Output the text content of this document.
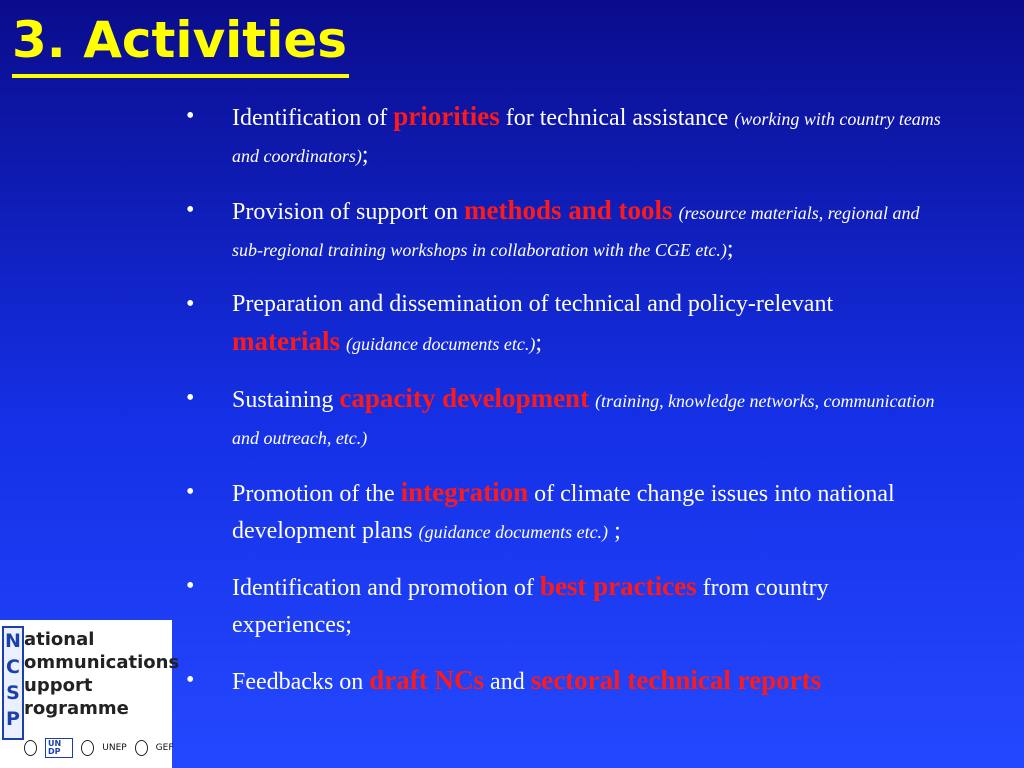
3. Activities
• Identification of priorities for technical assistance (working with country teams and coordinators);
• Provision of support on methods and tools (resource materials, regional and sub-regional training workshops in collaboration with the CGE etc.);
• Preparation and dissemination of technical and policy-relevant materials (guidance documents etc.);
• Sustaining capacity development (training, knowledge networks, communication and outreach, etc.)
• Promotion of the integration of climate change issues into national development plans (guidance documents etc.) ;
• Identification and promotion of best practices from country experiences;
• Feedbacks on draft NCs and sectoral technical reports
N
C
S
P
ational
ommunications
upport
rogramme
UN DP	UNEP	GEF
